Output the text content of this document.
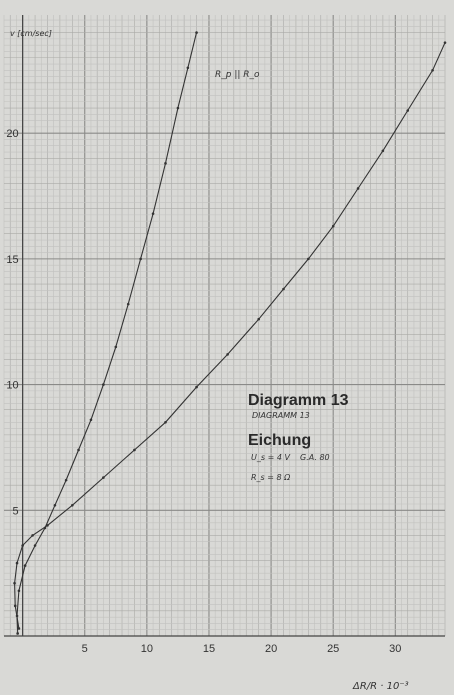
5	10	15	20	25	30
5
10
15
20
v [cm/sec]
ΔR/R · 10⁻³
R_p || R_o
Diagramm 13
DIAGRAMM 13
Eichung
U_s = 4 V G.A. 80
R_s = 8 Ω
